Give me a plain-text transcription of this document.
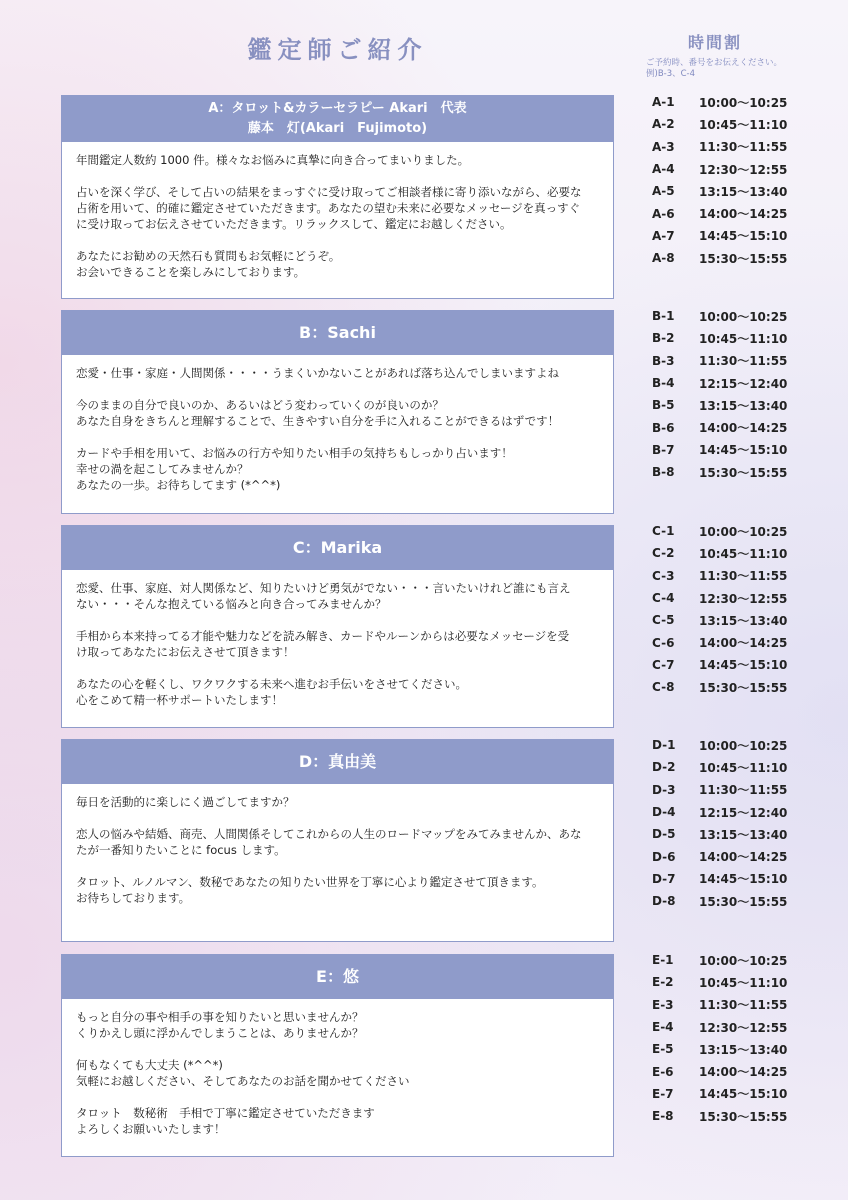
鑑定師ご紹介	時間割
ご予約時、番号をお伝えください。
例)B-3、C-4
A：タロット&カラーセラピー Akari　代表
藤本　灯(Akari　Fujimoto)

年間鑑定人数約 1000 件。様々なお悩みに真摯に向き合ってまいりました。

占いを深く学び、そして占いの結果をまっすぐに受け取ってご相談者様に寄り添いながら、必要な
占術を用いて、的確に鑑定させていただきます。あなたの望む未来に必要なメッセージを真っすぐ
に受け取ってお伝えさせていただきます。リラックスして、鑑定にお越しください。

あなたにお勧めの天然石も質問もお気軽にどうぞ。
お会いできることを楽しみにしております。

B：Sachi

恋愛・仕事・家庭・人間関係・・・・うまくいかないことがあれば落ち込んでしまいますよね

今のままの自分で良いのか、あるいはどう変わっていくのが良いのか？
あなた自身をきちんと理解することで、生きやすい自分を手に入れることができるはずです！

カードや手相を用いて、お悩みの行方や知りたい相手の気持ちもしっかり占います！
幸せの渦を起こしてみませんか？
あなたの一歩。お待ちしてます (*^^*)

C：Marika

恋愛、仕事、家庭、対人関係など、知りたいけど勇気がでない・・・言いたいけれど誰にも言え
ない・・・そんな抱えている悩みと向き合ってみませんか？

手相から本来持ってる才能や魅力などを読み解き、カードやルーンからは必要なメッセージを受
け取ってあなたにお伝えさせて頂きます！

あなたの心を軽くし、ワクワクする未来へ進むお手伝いをさせてください。
心をこめて精一杯サポートいたします！

D：真由美

毎日を活動的に楽しにく過ごしてますか？

恋人の悩みや結婚、商売、人間関係そしてこれからの人生のロードマップをみてみませんか、あな
たが一番知りたいことに focus します。

タロット、ルノルマン、数秘であなたの知りたい世界を丁寧に心より鑑定させて頂きます。
お待ちしております。

E：悠

もっと自分の事や相手の事を知りたいと思いませんか？
くりかえし頭に浮かんでしまうことは、ありませんか？

何もなくても大丈夫 (*^^*)
気軽にお越しください、そしてあなたのお話を聞かせてください

タロット　数秘術　手相で丁寧に鑑定させていただきます
よろしくお願いいたします！

A-1	10:00〜10:25
A-2	10:45〜11:10
A-3	11:30〜11:55
A-4	12:30〜12:55
A-5	13:15〜13:40
A-6	14:00〜14:25
A-7	14:45〜15:10
A-8	15:30〜15:55
B-1	10:00〜10:25
B-2	10:45〜11:10
B-3	11:30〜11:55
B-4	12:15〜12:40
B-5	13:15〜13:40
B-6	14:00〜14:25
B-7	14:45〜15:10
B-8	15:30〜15:55
C-1	10:00〜10:25
C-2	10:45〜11:10
C-3	11:30〜11:55
C-4	12:30〜12:55
C-5	13:15〜13:40
C-6	14:00〜14:25
C-7	14:45〜15:10
C-8	15:30〜15:55
D-1	10:00〜10:25
D-2	10:45〜11:10
D-3	11:30〜11:55
D-4	12:15〜12:40
D-5	13:15〜13:40
D-6	14:00〜14:25
D-7	14:45〜15:10
D-8	15:30〜15:55
E-1	10:00〜10:25
E-2	10:45〜11:10
E-3	11:30〜11:55
E-4	12:30〜12:55
E-5	13:15〜13:40
E-6	14:00〜14:25
E-7	14:45〜15:10
E-8	15:30〜15:55
